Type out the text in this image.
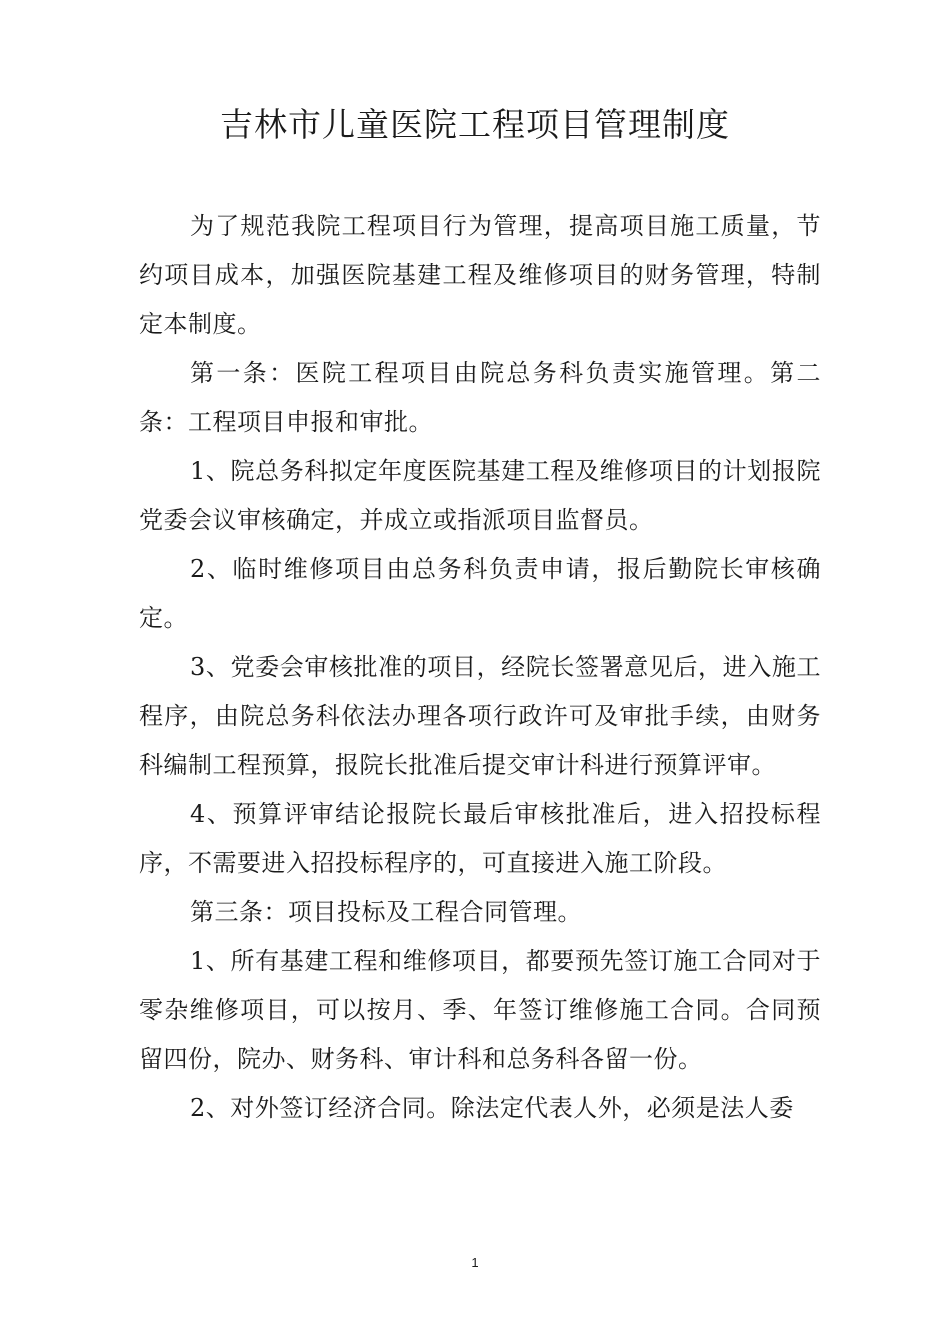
吉林市儿童医院工程项目管理制度

为了规范我院工程项目行为管理，提高项目施工质量，节约项目成本，加强医院基建工程及维修项目的财务管理，特制定本制度。

第一条：医院工程项目由院总务科负责实施管理。第二条：工程项目申报和审批。

1、院总务科拟定年度医院基建工程及维修项目的计划报院党委会议审核确定，并成立或指派项目监督员。

2、临时维修项目由总务科负责申请，报后勤院长审核确定。

3、党委会审核批准的项目，经院长签署意见后，进入施工程序，由院总务科依法办理各项行政许可及审批手续，由财务科编制工程预算，报院长批准后提交审计科进行预算评审。

4、预算评审结论报院长最后审核批准后，进入招投标程序，不需要进入招投标程序的，可直接进入施工阶段。

第三条：项目投标及工程合同管理。

1、所有基建工程和维修项目，都要预先签订施工合同对于零杂维修项目，可以按月、季、年签订维修施工合同。合同预留四份，院办、财务科、审计科和总务科各留一份。

2、对外签订经济合同。除法定代表人外，必须是法人委

1
